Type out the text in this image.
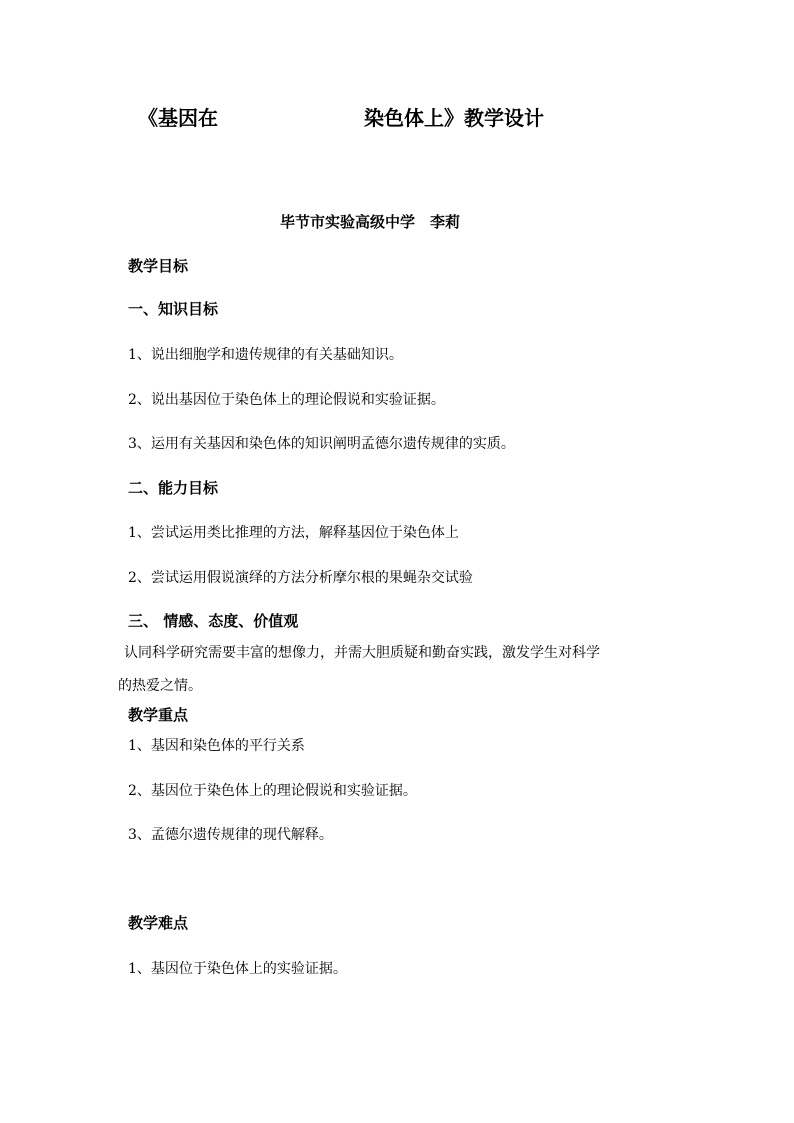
《基因在	染色体上》教学设计
毕节市实验高级中学　李莉
教学目标
一、知识目标
1、说出细胞学和遗传规律的有关基础知识。
2、说出基因位于染色体上的理论假说和实验证据。
3、运用有关基因和染色体的知识阐明孟德尔遗传规律的实质。
二、能力目标
1、尝试运用类比推理的方法，解释基因位于染色体上
2、尝试运用假说演绎的方法分析摩尔根的果蝇杂交试验
三、 情感、态度、价值观
认同科学研究需要丰富的想像力，并需大胆质疑和勤奋实践，激发学生对科学
的热爱之情。
教学重点
1、基因和染色体的平行关系
2、基因位于染色体上的理论假说和实验证据。
3、孟德尔遗传规律的现代解释。
教学难点
1、基因位于染色体上的实验证据。
